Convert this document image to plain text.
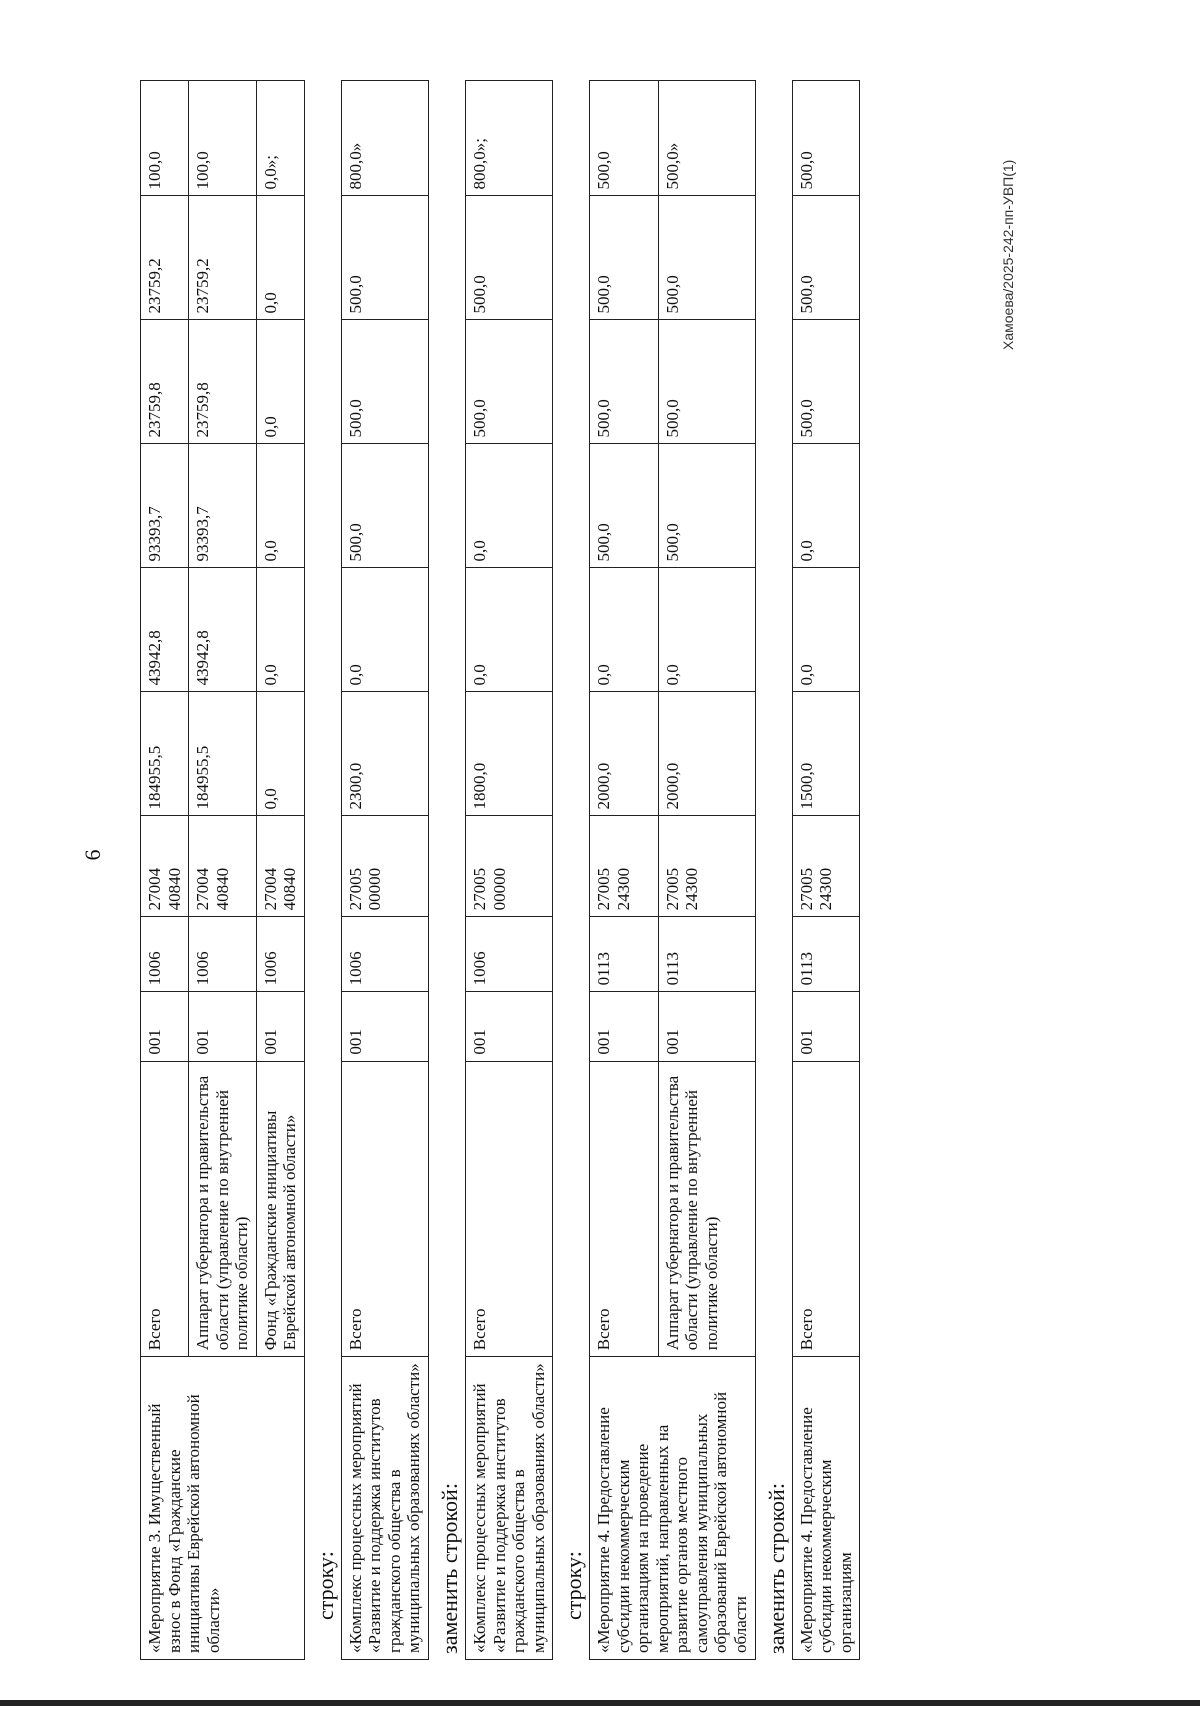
6
Хамоева/2025-242-пп-УВП(1)
«Мероприятие 3. Имущественный взнос в Фонд «Гражданские инициативы Еврейской автономной области»	Всего	001	1006	27004 40840	184955,5	43942,8	93393,7	23759,8	23759,2	100,0
	Аппарат губернатора и правительства области (управление по внутренней политике области)	001	1006	27004 40840	184955,5	43942,8	93393,7	23759,8	23759,2	100,0
	Фонд «Гражданские инициативы Еврейской автономной области»	001	1006	27004 40840	0,0	0,0	0,0	0,0	0,0	0,0»;
строку: «Комплекс процессных мероприятий «Развитие и поддержка институтов гражданского общества в муниципальных образованиях области»	Всего	001	1006	27005 00000	2300,0	0,0	500,0	500,0	500,0	800,0»
заменить строкой: «Комплекс процессных мероприятий «Развитие и поддержка институтов гражданского общества в муниципальных образованиях области»	Всего	001	1006	27005 00000	1800,0	0,0	0,0	500,0	500,0	800,0»;
строку: «Мероприятие 4. Предоставление субсидии некоммерческим организациям на проведение мероприятий, направленных на развитие органов местного самоуправления муниципальных образований Еврейской автономной области	Всего	001	0113	27005 24300	2000,0	0,0	500,0	500,0	500,0	500,0
	Аппарат губернатора и правительства области (управление по внутренней политике области)	001	0113	27005 24300	2000,0	0,0	500,0	500,0	500,0	500,0»
заменить строкой: «Мероприятие 4. Предоставление субсидии некоммерческим организациям	Всего	001	0113	27005 24300	1500,0	0,0	0,0	500,0	500,0	500,0
